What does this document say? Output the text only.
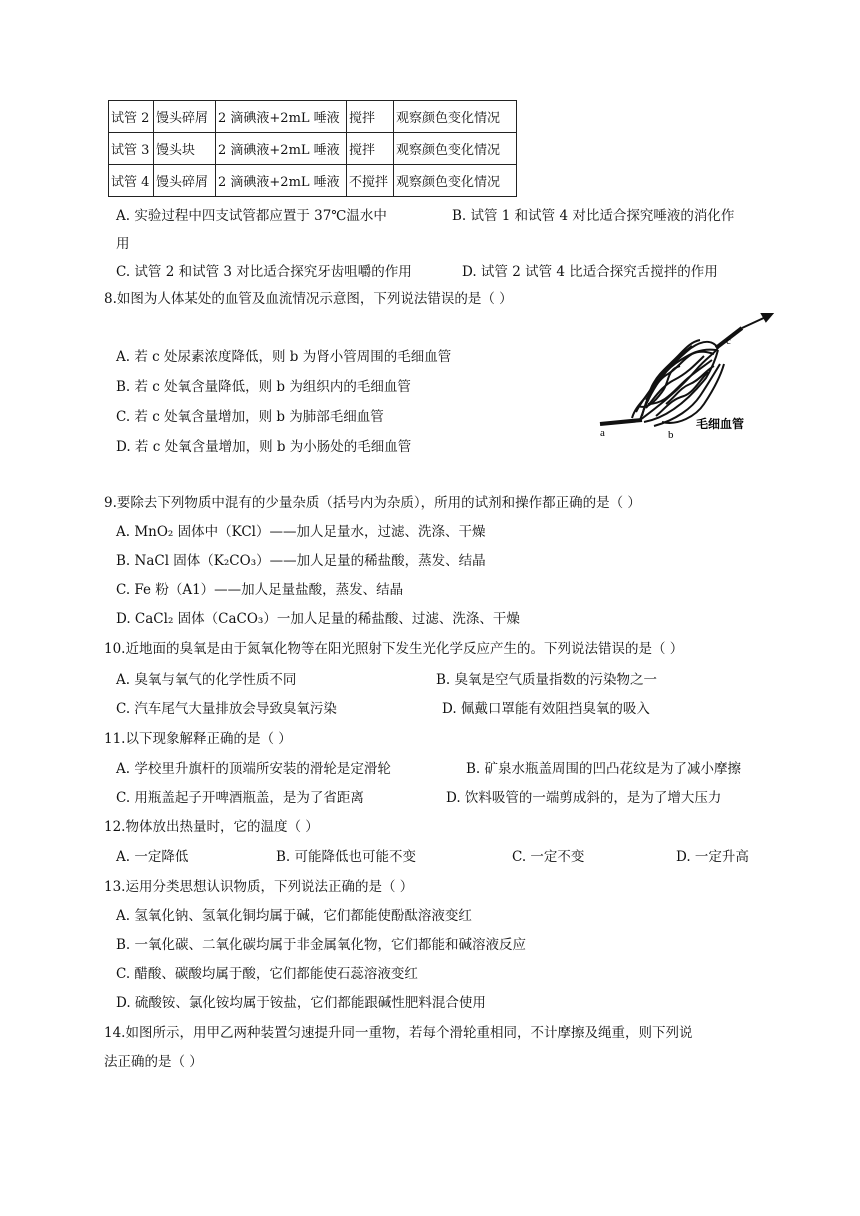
试管 2	馒头碎屑	2 滴碘液+2mL 唾液	搅拌	观察颜色变化情况
试管 3	馒头块	2 滴碘液+2mL 唾液	搅拌	观察颜色变化情况
试管 4	馒头碎屑	2 滴碘液+2mL 唾液	不搅拌	观察颜色变化情况
A. 实验过程中四支试管都应置于 37℃温水中	B. 试管 1 和试管 4 对比适合探究唾液的消化作
用
C. 试管 2 和试管 3 对比适合探究牙齿咀嚼的作用	D. 试管 2 试管 4 比适合探究舌搅拌的作用
8.如图为人体某处的血管及血流情况示意图，下列说法错误的是（ ）
A. 若 c 处尿素浓度降低，则 b 为肾小管周围的毛细血管
B. 若 c 处氧含量降低，则 b 为组织内的毛细血管
C. 若 c 处氧含量增加，则 b 为肺部毛细血管
D. 若 c 处氧含量增加，则 b 为小肠处的毛细血管
a	b
c
毛细血管
9.要除去下列物质中混有的少量杂质（括号内为杂质），所用的试剂和操作都正确的是（ ）
A. MnO₂ 固体中（KCl）——加人足量水，过滤、洗涤、干燥
B. NaCl 固体（K₂CO₃）——加人足量的稀盐酸，蒸发、结晶
C. Fe 粉（A1）——加人足量盐酸，蒸发、结晶
D. CaCl₂ 固体（CaCO₃）一加人足量的稀盐酸、过滤、洗涤、干燥
10.近地面的臭氧是由于氮氧化物等在阳光照射下发生光化学反应产生的。下列说法错误的是（ ）
A. 臭氧与氧气的化学性质不同	B. 臭氧是空气质量指数的污染物之一
C. 汽车尾气大量排放会导致臭氧污染	D. 佩戴口罩能有效阻挡臭氧的吸入
11.以下现象解释正确的是（ ）
A. 学校里升旗杆的顶端所安装的滑轮是定滑轮	B. 矿泉水瓶盖周围的凹凸花纹是为了减小摩擦
C. 用瓶盖起子开啤酒瓶盖，是为了省距离	D. 饮料吸管的一端剪成斜的，是为了增大压力
12.物体放出热量时，它的温度（ ）
A. 一定降低	B. 可能降低也可能不变	C. 一定不变	D. 一定升高
13.运用分类思想认识物质，下列说法正确的是（ ）
A. 氢氧化钠、氢氧化铜均属于碱，它们都能使酚酞溶液变红
B. 一氧化碳、二氧化碳均属于非金属氧化物，它们都能和碱溶液反应
C. 醋酸、碳酸均属于酸，它们都能使石蕊溶液变红
D. 硫酸铵、氯化铵均属于铵盐，它们都能跟碱性肥料混合使用
14.如图所示，用甲乙两种装置匀速提升同一重物，若每个滑轮重相同，不计摩擦及绳重，则下列说
法正确的是（ ）
